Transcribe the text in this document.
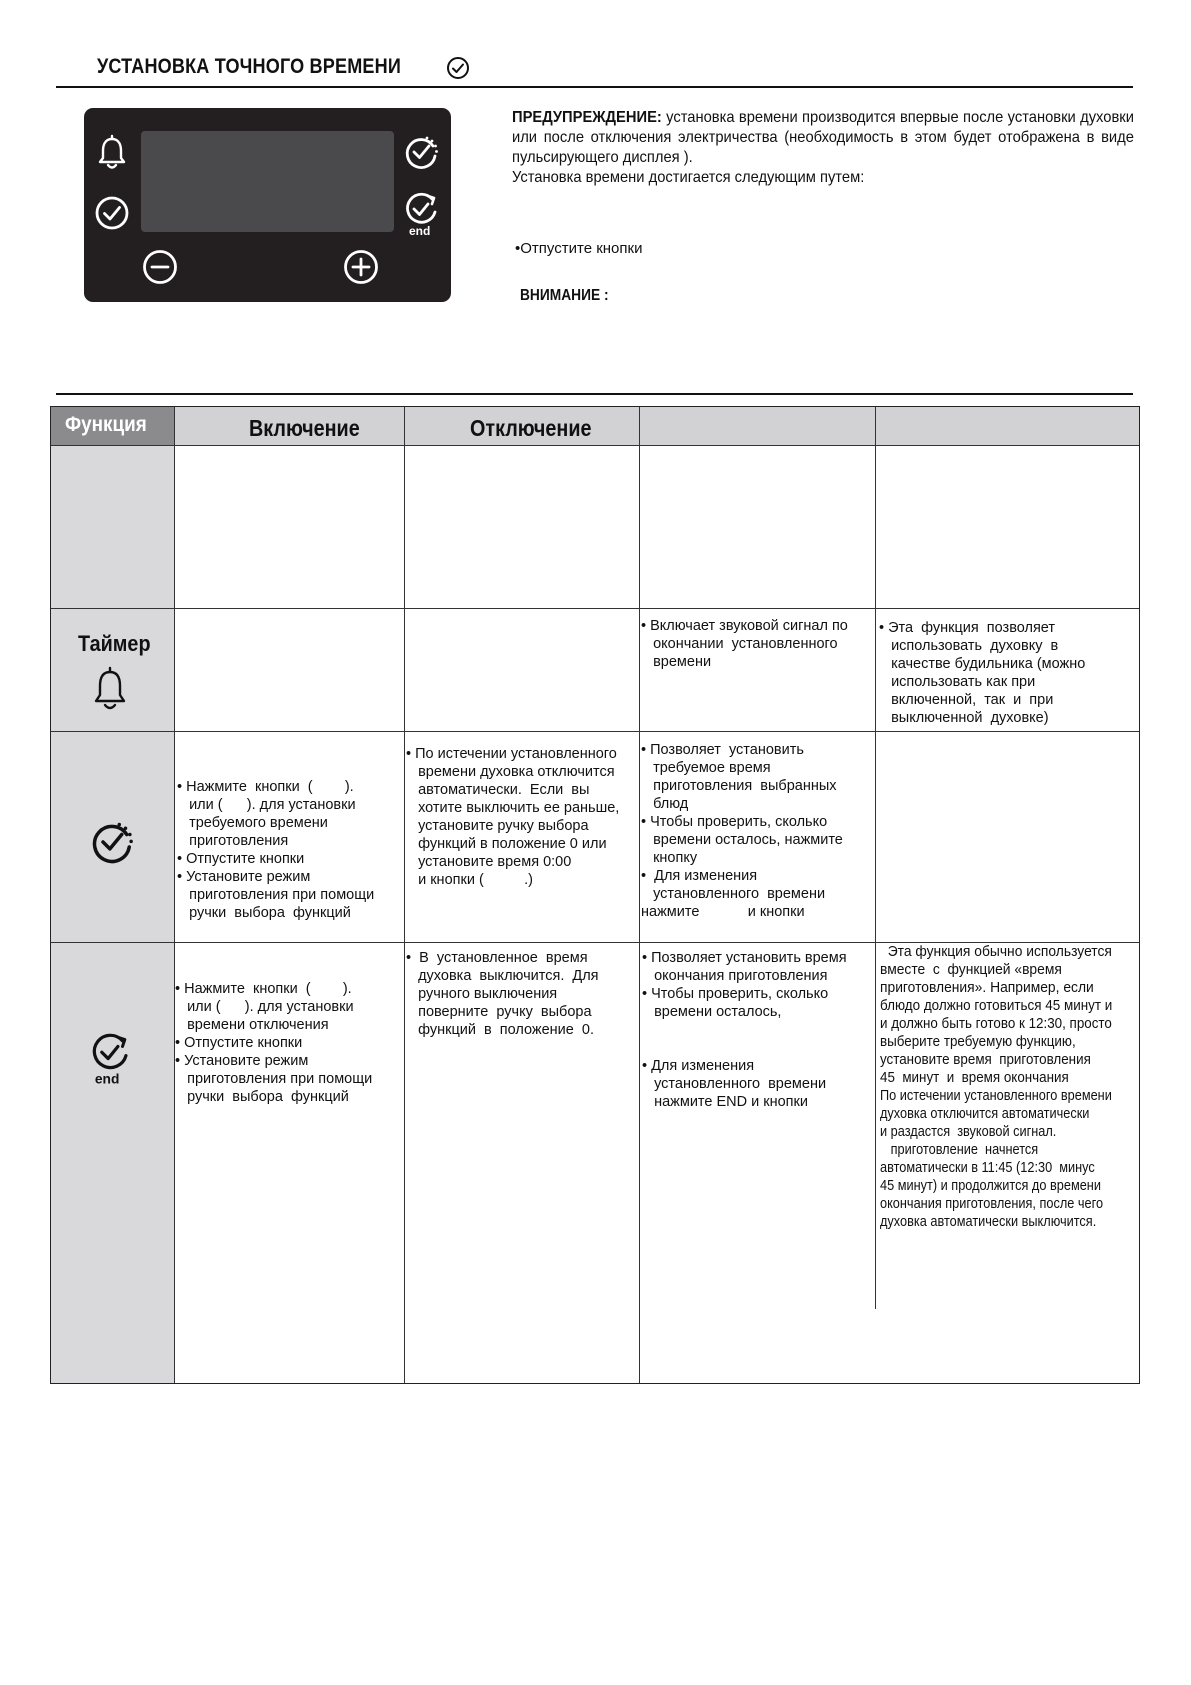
УСТАНОВКА ТОЧНОГО ВРЕМЕНИ
end

ПРЕДУПРЕЖДЕНИЕ: установка времени производится впервые после установки духовки или после отключения электричества (необходимость в этом будет отображена в виде пульсирующего дисплея ).
Установка времени достигается следующим путем:

•Отпустите кнопки
ВНИМАНИЕ :
Функция	Включение	Отключение
Таймер
end
• Включает звуковой сигнал по
окончании  установленного
времени
• Эта  функция  позволяет
использовать  духовку  в
качестве будильника (можно
использовать как при
включенной,  так  и  при
выключенной  духовке)
• Нажмите  кнопки  (        ).
или (      ). для установки
требуемого времени
приготовления
• Отпустите кнопки
• Установите режим
приготовления при помощи
ручки  выбора  функций
• По истечении установленного
времени духовка отключится
автоматически.  Если  вы
хотите выключить ее раньше,
установите ручку выбора
функций в положение 0 или
установите время 0:00
и кнопки (          .)
• Позволяет  установить
требуемое время
приготовления  выбранных
блюд
• Чтобы проверить, сколько
времени осталось, нажмите
кнопку
•  Для изменения
установленного  времени
нажмите            и кнопки
• Нажмите  кнопки  (        ).
или (      ). для установки
времени отключения
• Отпустите кнопки
• Установите режим
приготовления при помощи
ручки  выбора  функций
•  В  установленное  время
духовка  выключится.  Для
ручного выключения
поверните  ручку  выбора
функций  в  положение  0.
• Позволяет установить время
окончания приготовления
• Чтобы проверить, сколько
времени осталось,

• Для изменения
установленного  времени
нажмите END и кнопки
Эта функция обычно используется
вместе  с  функцией «время
приготовления». Например, если
блюдо должно готовиться 45 минут и
и должно быть готово к 12:30, просто
выберите требуемую функцию,
установите время  приготовления
45  минут  и  время окончания
По истечении установленного времени
духовка отключится автоматически
и раздастся  звуковой сигнал.
приготовление  начнется
автоматически в 11:45 (12:30  минус
45 минут) и продолжится до времени
окончания приготовления, после чего
духовка автоматически выключится.
